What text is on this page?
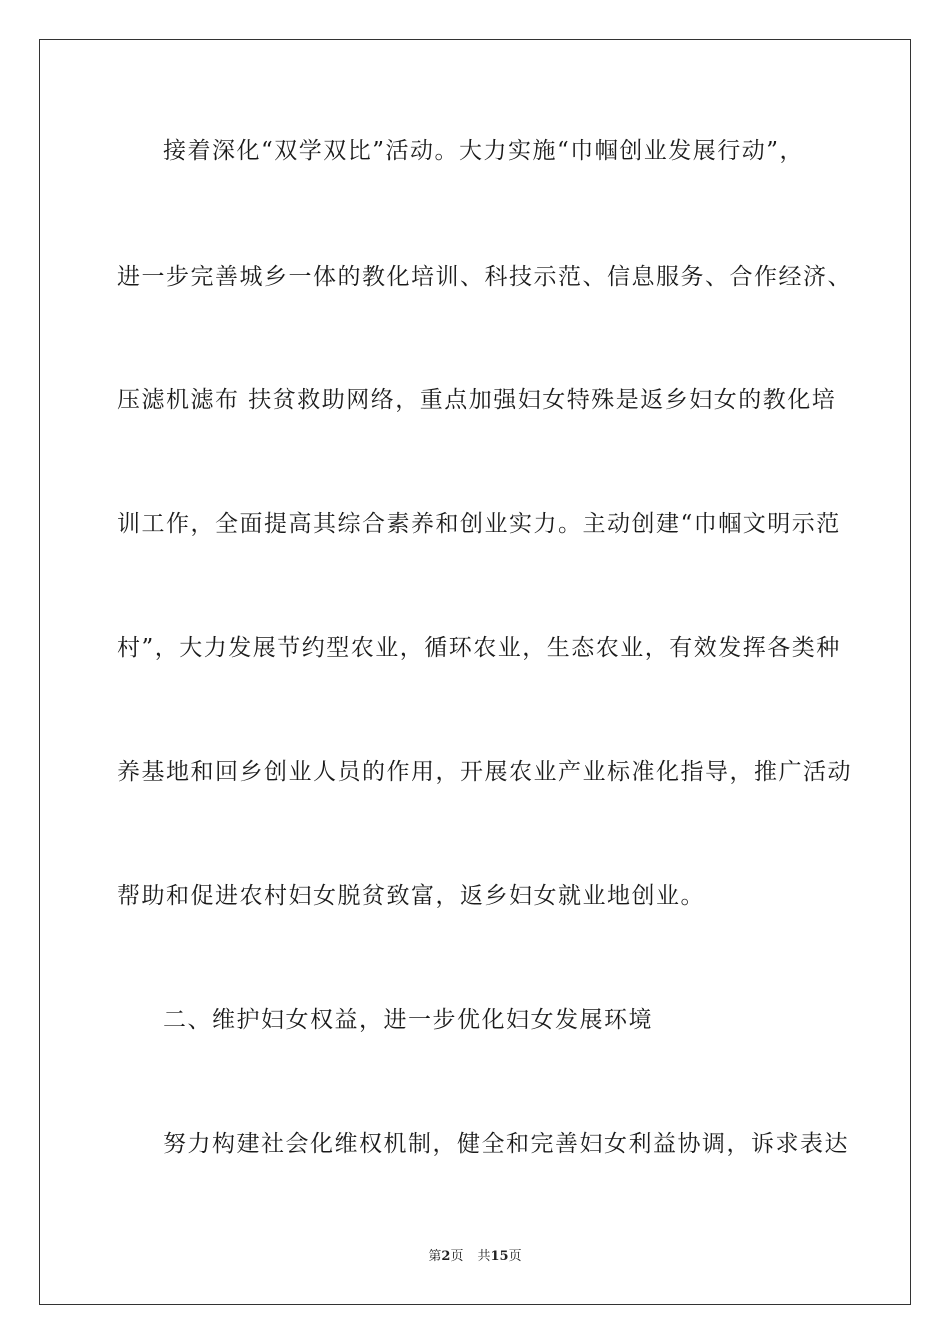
接着深化“双学双比”活动。大力实施“巾帼创业发展行动”，
进一步完善城乡一体的教化培训、科技示范、信息服务、合作经济、
压滤机滤布 扶贫救助网络，重点加强妇女特殊是返乡妇女的教化培
训工作，全面提高其综合素养和创业实力。主动创建“巾帼文明示范
村”，大力发展节约型农业，循环农业，生态农业，有效发挥各类种
养基地和回乡创业人员的作用，开展农业产业标准化指导，推广活动
帮助和促进农村妇女脱贫致富，返乡妇女就业地创业。
二、维护妇女权益，进一步优化妇女发展环境
努力构建社会化维权机制，健全和完善妇女利益协调，诉求表达
第2页 共15页
